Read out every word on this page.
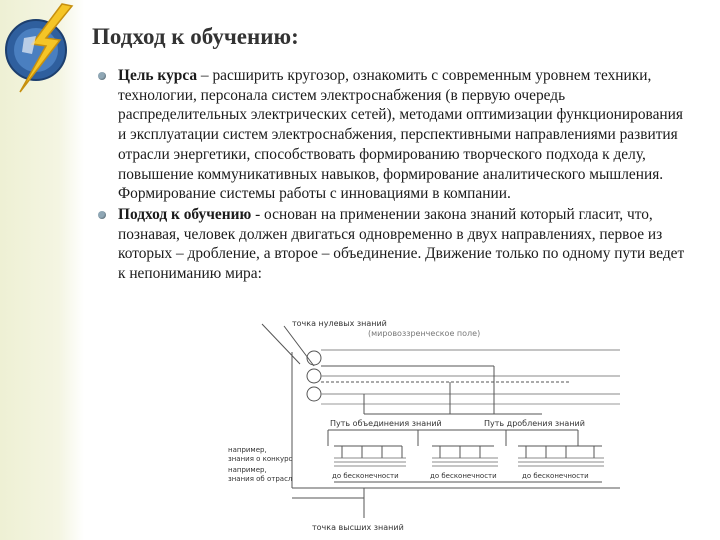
Подход к обучению:
Цель курса – расширить кругозор, ознакомить с современным уровнем техники, технологии, персонала систем электроснабжения (в первую очередь распределительных электрических сетей), методами оптимизации функционирования и эксплуатации систем электроснабжения, перспективными направлениями развития отрасли энергетики, способствовать формированию творческого подхода к делу, повышение коммуникативных навыков, формирование аналитического мышления. Формирование системы работы с инновациями в компании.
Подход к обучению - основан на применении закона знаний который гласит, что, познавая, человек должен двигаться одновременно в двух направлениях, первое из которых – дробление, а второе – объединение. Движение только по одному пути ведет к непониманию мира:
точка нулевых знаний
(мировоззренческое поле)
Путь объединения знаний	Путь дробления знаний
например,
знания о конкурс
например,
знания об отрасл	до бесконечности	до бесконечности	до бесконечности
точка высших знаний
